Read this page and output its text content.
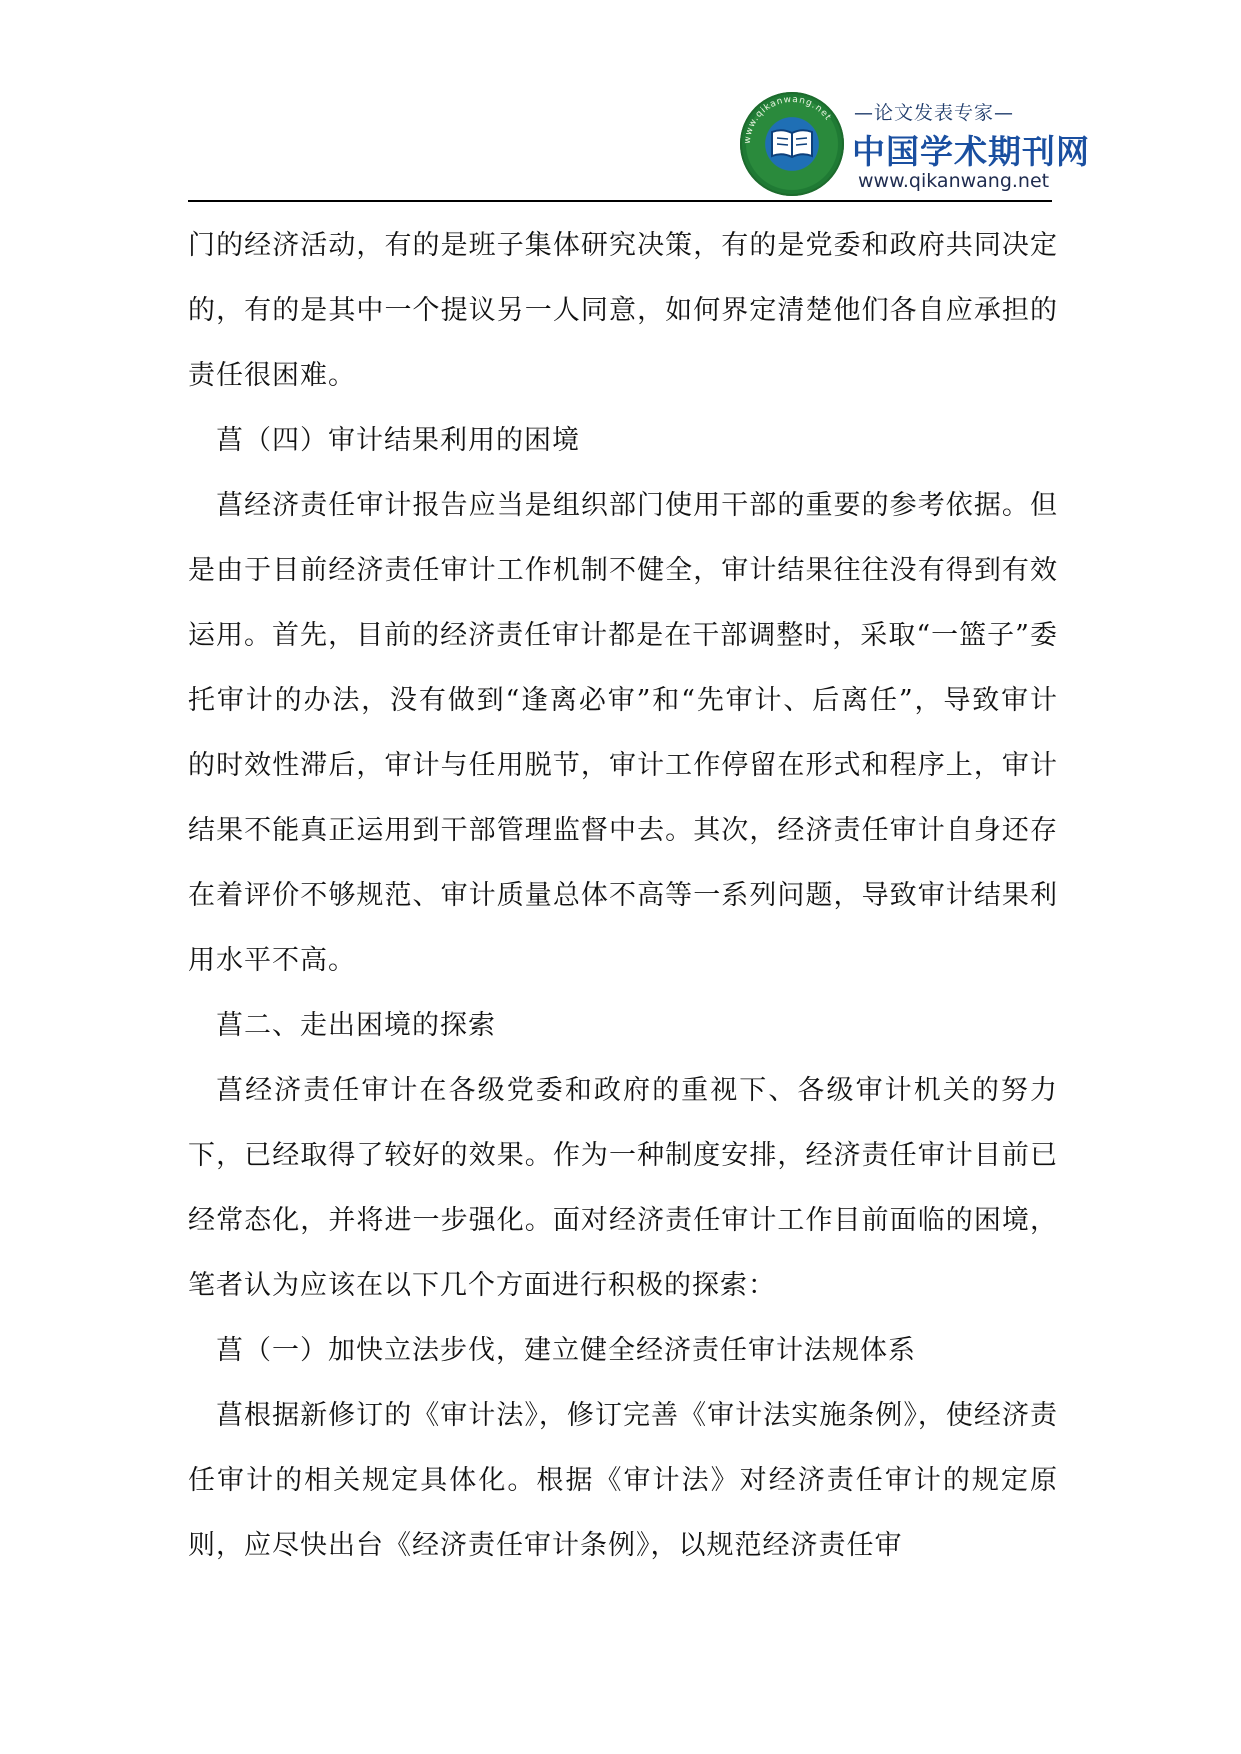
www.qikanwang.net —论文发表专家—
中国学术期刊网
www.qikanwang.net

门的经济活动，有的是班子集体研究决策，有的是党委和政府共同决定的，有的是其中一个提议另一人同意，如何界定清楚他们各自应承担的责任很困难。

菖（四）审计结果利用的困境

菖经济责任审计报告应当是组织部门使用干部的重要的参考依据。但是由于目前经济责任审计工作机制不健全，审计结果往往没有得到有效运用。首先，目前的经济责任审计都是在干部调整时，采取“一篮子”委托审计的办法，没有做到“逢离必审”和“先审计、后离任”，导致审计的时效性滞后，审计与任用脱节，审计工作停留在形式和程序上，审计结果不能真正运用到干部管理监督中去。其次，经济责任审计自身还存在着评价不够规范、审计质量总体不高等一系列问题，导致审计结果利用水平不高。

菖二、走出困境的探索

菖经济责任审计在各级党委和政府的重视下、各级审计机关的努力下，已经取得了较好的效果。作为一种制度安排，经济责任审计目前已经常态化，并将进一步强化。面对经济责任审计工作目前面临的困境，笔者认为应该在以下几个方面进行积极的探索：

菖（一）加快立法步伐，建立健全经济责任审计法规体系

菖根据新修订的《审计法》，修订完善《审计法实施条例》，使经济责任审计的相关规定具体化。根据《审计法》对经济责任审计的规定原则，应尽快出台《经济责任审计条例》，以规范经济责任审
